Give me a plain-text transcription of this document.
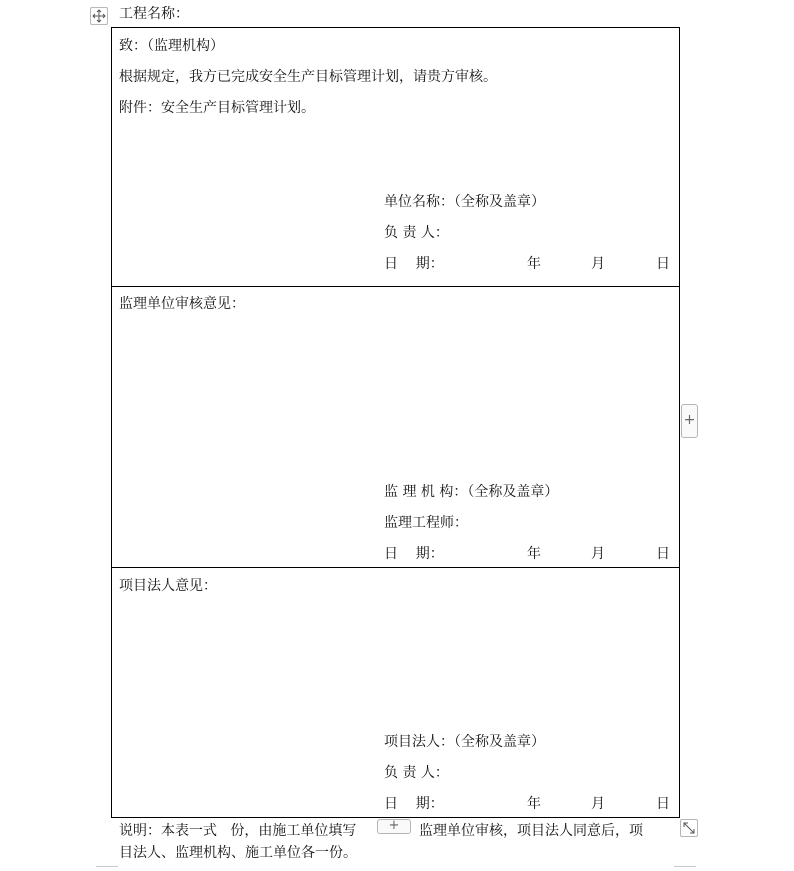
工程名称：
致：（监理机构）
根据规定，我方已完成安全生产目标管理计划，请贵方审核。
附件：安全生产目标管理计划。
单位名称：（全称及盖章）
负 责 人：
日    期：	年	月	日
监理单位审核意见：
监 理 机 构：（全称及盖章）
监理工程师：
日    期：	年	月	日
项目法人意见：
项目法人：（全称及盖章）
负 责 人：
日    期：	年	月	日
说明：本表一式   份，由施工单位填写	监理单位审核，项目法人同意后，项
目法人、监理机构、施工单位各一份。
+
+
